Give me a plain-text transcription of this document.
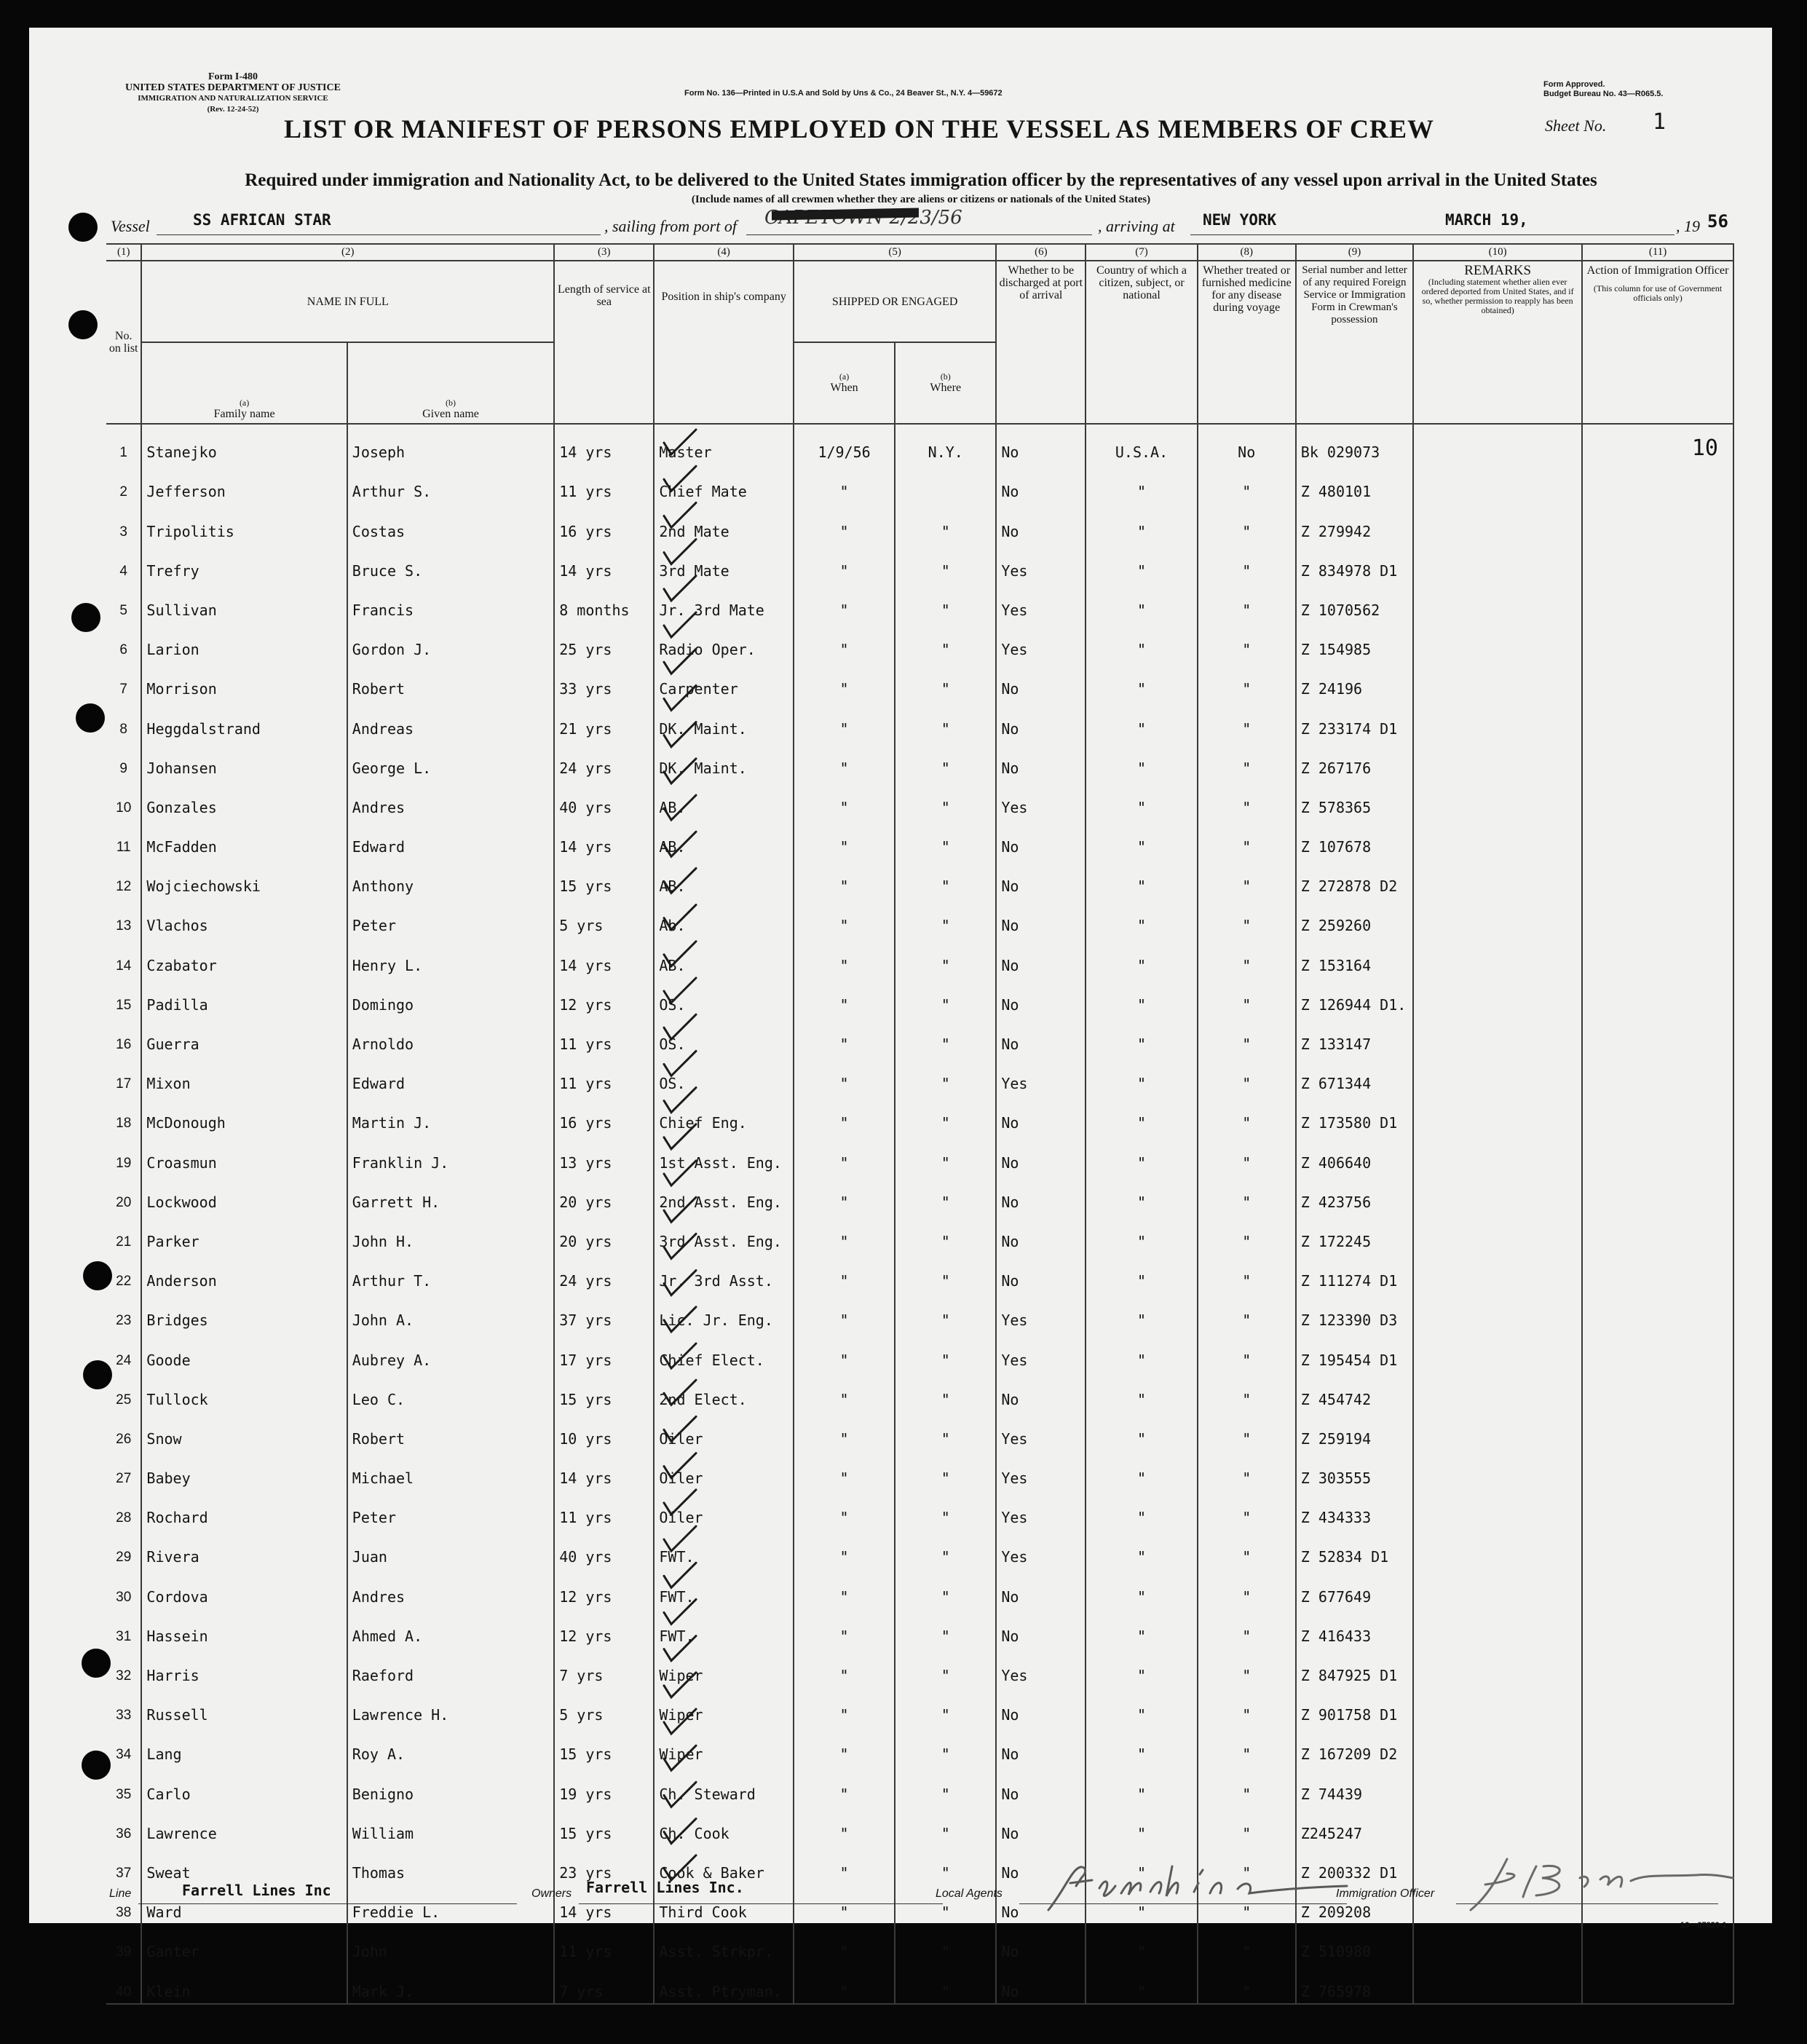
Form I-480
UNITED STATES DEPARTMENT OF JUSTICE
IMMIGRATION AND NATURALIZATION SERVICE
(Rev. 12-24-52)
Form No. 136—Printed in U.S.A and Sold by Uns & Co., 24 Beaver St., N.Y. 4—59672
Form Approved.
Budget Bureau No. 43—R065.5.
LIST OR MANIFEST OF PERSONS EMPLOYED ON THE VESSEL AS MEMBERS OF CREW	Sheet No. 1
Required under immigration and Nationality Act, to be delivered to the United States immigration officer by the representatives of any vessel upon arrival in the United States
(Include names of all crewmen whether they are aliens or citizens or nationals of the United States)
Vessel	SS AFRICAN STAR	, sailing from port of CAPETOWN 2/23/56	, arriving at NEW YORK	MARCH 19,	, 19 56
(1)	(2)		(3)	(4)	(5)		(6)	(7)	(8)	(9)	(10)	(11)
No. on list	NAME IN FULL		Length of service at sea	Position in ship's company	SHIPPED OR ENGAGED		Whether to be discharged at port of arrival	Country of which a citizen, subject, or national	Whether treated or furnished medicine for any disease during voyage	Serial number and letter of any required Foreign Service or Immigration Form in Crewman's possession	REMARKS
(Including statement whether alien ever ordered deported from United States, and if so, whether permission to reapply has been obtained)	Action of Immigration Officer
(This column for use of Government officials only)

	(a)
Family name	(b)
Given name			(a)
When	(b)
Where						
1	Stanejko	Joseph	14 yrs	Master	1/9/56	N.Y.	No	U.S.A.	No	Bk 029073		10
2	Jefferson	Arthur S.	11 yrs	Chief Mate	"		No	"	"	Z 480101		
3	Tripolitis	Costas	16 yrs	2nd Mate	"	"	No	"	"	Z 279942		
4	Trefry	Bruce S.	14 yrs	3rd Mate	"	"	Yes	"	"	Z 834978 D1		
5	Sullivan	Francis	8 months	Jr. 3rd Mate	"	"	Yes	"	"	Z 1070562		
6	Larion	Gordon J.	25 yrs	Radio Oper.	"	"	Yes	"	"	Z 154985		
7	Morrison	Robert	33 yrs	Carpenter	"	"	No	"	"	Z 24196		
8	Heggdalstrand	Andreas	21 yrs	DK. Maint.	"	"	No	"	"	Z 233174 D1		
9	Johansen	George L.	24 yrs	DK. Maint.	"	"	No	"	"	Z 267176		
10	Gonzales	Andres	40 yrs	AB.	"	"	Yes	"	"	Z 578365		
11	McFadden	Edward	14 yrs	AB.	"	"	No	"	"	Z 107678		
12	Wojciechowski	Anthony	15 yrs	AB.	"	"	No	"	"	Z 272878 D2		
13	Vlachos	Peter	5 yrs	Ab.	"	"	No	"	"	Z 259260		
14	Czabator	Henry L.	14 yrs	AB.	"	"	No	"	"	Z 153164		
15	Padilla	Domingo	12 yrs	OS.	"	"	No	"	"	Z 126944 D1.		
16	Guerra	Arnoldo	11 yrs	OS.	"	"	No	"	"	Z 133147		
17	Mixon	Edward	11 yrs	OS.	"	"	Yes	"	"	Z 671344		
18	McDonough	Martin J.	16 yrs	Chief Eng.	"	"	No	"	"	Z 173580 D1		
19	Croasmun	Franklin J.	13 yrs	1st Asst. Eng.	"	"	No	"	"	Z 406640		
20	Lockwood	Garrett H.	20 yrs	2nd Asst. Eng.	"	"	No	"	"	Z 423756		
21	Parker	John H.	20 yrs	3rd Asst. Eng.	"	"	No	"	"	Z 172245		
22	Anderson	Arthur T.	24 yrs	Jr. 3rd Asst.	"	"	No	"	"	Z 111274 D1		
23	Bridges	John A.	37 yrs	Lic. Jr. Eng.	"	"	Yes	"	"	Z 123390 D3		
24	Goode	Aubrey A.	17 yrs	Chief Elect.	"	"	Yes	"	"	Z 195454 D1		
25	Tullock	Leo C.	15 yrs	2nd Elect.	"	"	No	"	"	Z 454742		
26	Snow	Robert	10 yrs	Oiler	"	"	Yes	"	"	Z 259194		
27	Babey	Michael	14 yrs	Oiler	"	"	Yes	"	"	Z 303555		
28	Rochard	Peter	11 yrs	Oiler	"	"	Yes	"	"	Z 434333		
29	Rivera	Juan	40 yrs	FWT.	"	"	Yes	"	"	Z 52834 D1		
30	Cordova	Andres	12 yrs	FWT.	"	"	No	"	"	Z 677649		
31	Hassein	Ahmed A.	12 yrs	FWT.	"	"	No	"	"	Z 416433		
32	Harris	Raeford	7 yrs	Wiper	"	"	Yes	"	"	Z 847925 D1		
33	Russell	Lawrence H.	5 yrs	Wiper	"	"	No	"	"	Z 901758 D1		
34	Lang	Roy A.	15 yrs	Wiper	"	"	No	"	"	Z 167209 D2		
35	Carlo	Benigno	19 yrs	Ch. Steward	"	"	No	"	"	Z 74439		
36	Lawrence	William	15 yrs	Ch. Cook	"	"	No	"	"	Z245247		
37	Sweat	Thomas	23 yrs	Cook & Baker	"	"	No	"	"	Z 200332 D1		
38	Ward	Freddie L.	14 yrs	Third Cook	"	"	No	"	"	Z 209208		
39	Ganter	John	11 yrs	Asst. Strkpr.	"	"	No	"	"	Z 510980		
40	Klein	Mark J.	7 yrs	Asst. Ptryman.	"	"	No	"	"	Z 765978		
Line	Farrell Lines Inc	Owners Farrell Lines Inc.	Local Agents	Immigration Officer
16—67829-1
